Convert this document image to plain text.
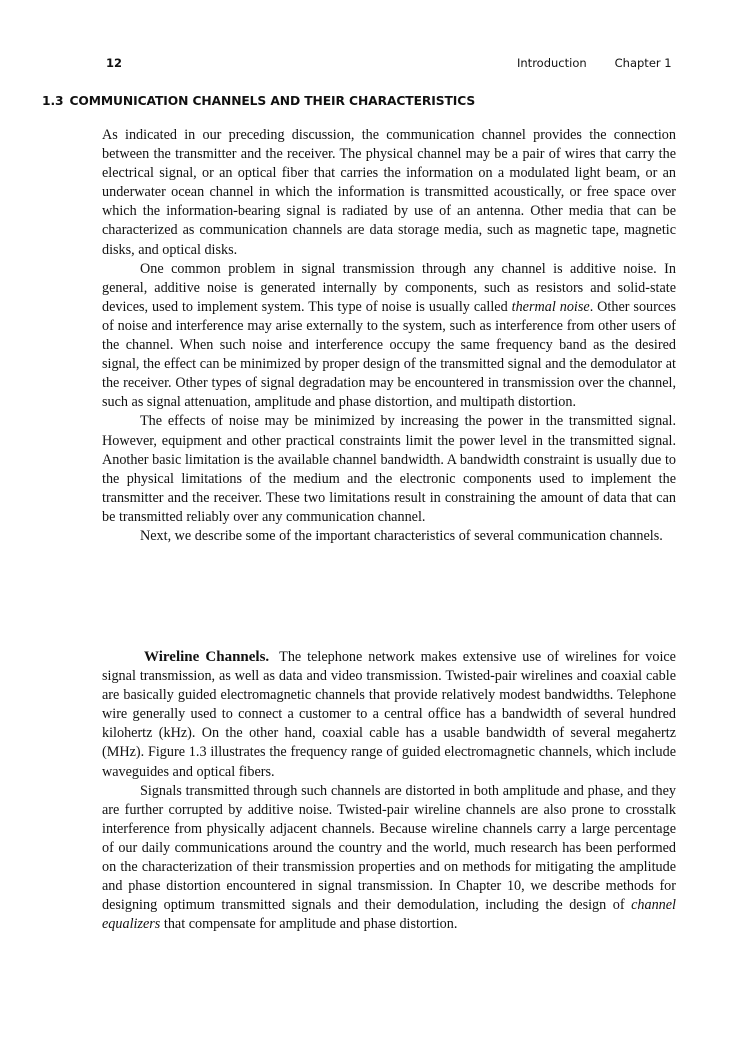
12	Introduction Chapter 1
1.3 COMMUNICATION CHANNELS AND THEIR CHARACTERISTICS

As indicated in our preceding discussion, the communication channel provides the connection between the transmitter and the receiver. The physical channel may be a pair of wires that carry the electrical signal, or an optical fiber that carries the information on a modulated light beam, or an underwater ocean channel in which the information is transmitted acoustically, or free space over which the information-bearing signal is radiated by use of an antenna. Other media that can be characterized as communication channels are data storage media, such as magnetic tape, magnetic disks, and optical disks.

One common problem in signal transmission through any channel is additive noise. In general, additive noise is generated internally by components, such as resistors and solid-state devices, used to implement system. This type of noise is usually called thermal noise. Other sources of noise and interference may arise externally to the system, such as interference from other users of the channel. When such noise and interference occupy the same frequency band as the desired signal, the effect can be minimized by proper design of the transmitted signal and the demodulator at the receiver. Other types of signal degradation may be encountered in transmission over the channel, such as signal attenuation, amplitude and phase distortion, and multipath distortion.

The effects of noise may be minimized by increasing the power in the transmitted signal. However, equipment and other practical constraints limit the power level in the transmitted signal. Another basic limitation is the available channel bandwidth. A bandwidth constraint is usually due to the physical limitations of the medium and the electronic components used to implement the transmitter and the receiver. These two limitations result in constraining the amount of data that can be transmitted reliably over any communication channel.

Next, we describe some of the important characteristics of several communication channels.

Wireline Channels. The telephone network makes extensive use of wirelines for voice signal transmission, as well as data and video transmission. Twisted-pair wirelines and coaxial cable are basically guided electromagnetic channels that provide relatively modest bandwidths. Telephone wire generally used to connect a customer to a central office has a bandwidth of several hundred kilohertz (kHz). On the other hand, coaxial cable has a usable bandwidth of several megahertz (MHz). Figure 1.3 illustrates the frequency range of guided electromagnetic channels, which include waveguides and optical fibers.

Signals transmitted through such channels are distorted in both amplitude and phase, and they are further corrupted by additive noise. Twisted-pair wireline channels are also prone to crosstalk interference from physically adjacent channels. Because wireline channels carry a large percentage of our daily communications around the country and the world, much research has been performed on the characterization of their transmission properties and on methods for mitigating the amplitude and phase distortion encountered in signal transmission. In Chapter 10, we describe methods for designing optimum transmitted signals and their demodulation, including the design of channel equalizers that compensate for amplitude and phase distortion.
